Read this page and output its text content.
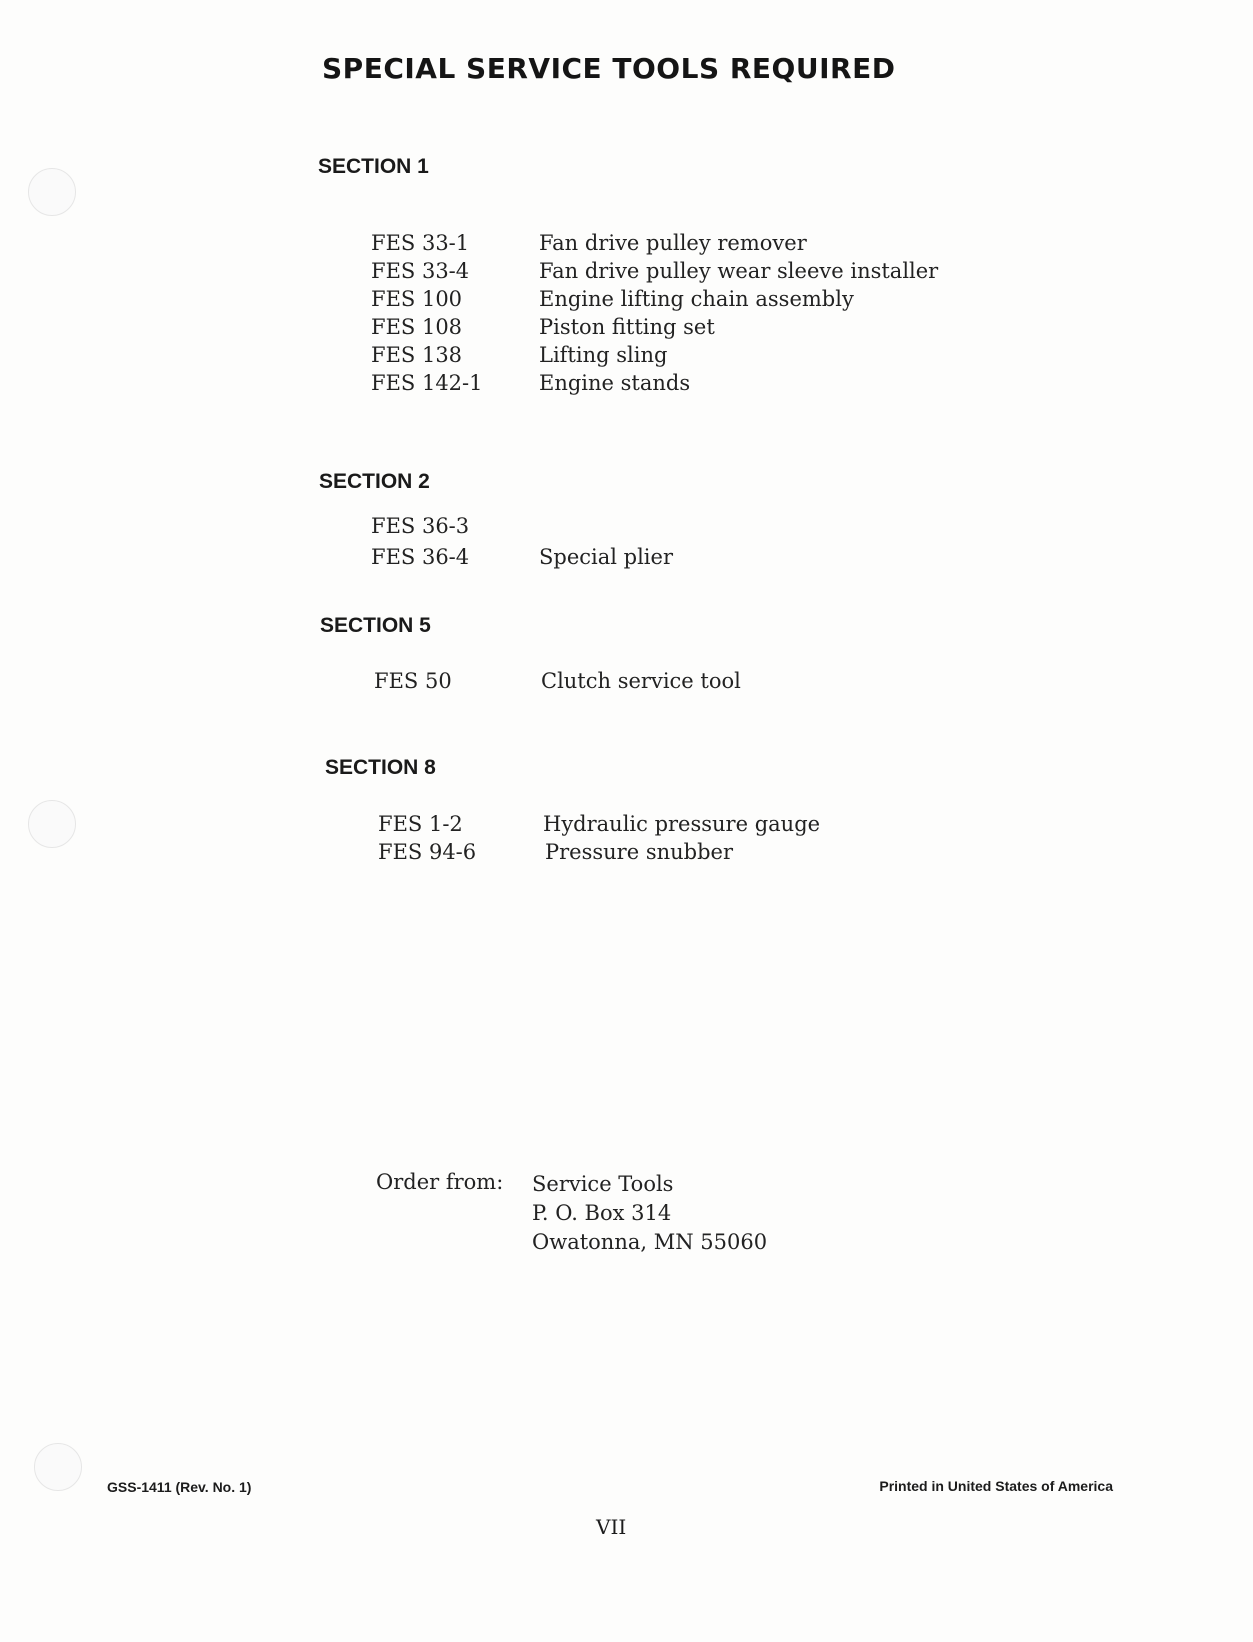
SPECIAL SERVICE TOOLS REQUIRED
SECTION 1
FES 33-1	Fan drive pulley remover
FES 33-4	Fan drive pulley wear sleeve installer
FES 100	Engine lifting chain assembly
FES 108	Piston fitting set
FES 138	Lifting sling
FES 142-1	Engine stands
SECTION 2
FES 36-3
FES 36-4	Special plier
SECTION 5
FES 50	Clutch service tool
SECTION 8
FES 1-2	Hydraulic pressure gauge
FES 94-6	Pressure snubber
Order from: Service Tools
P. O. Box 314
Owatonna, MN 55060
GSS-1411 (Rev. No. 1)	Printed in United States of America
VII
